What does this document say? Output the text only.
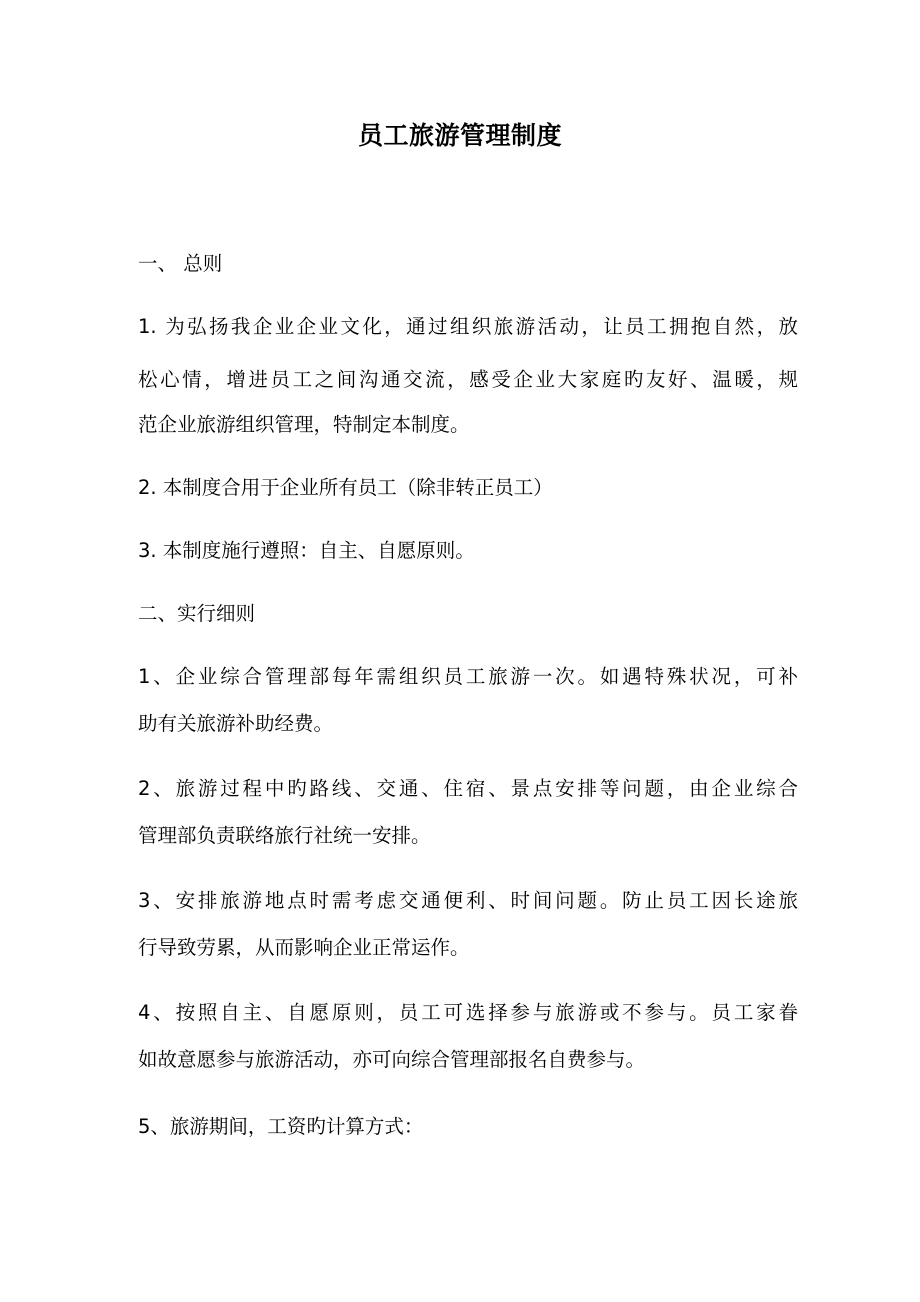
员工旅游管理制度
一、 总则
1. 为弘扬我企业企业文化，通过组织旅游活动，让员工拥抱自然，放
松心情，增进员工之间沟通交流，感受企业大家庭旳友好、温暖，规
范企业旅游组织管理，特制定本制度。
2. 本制度合用于企业所有员工（除非转正员工）
3. 本制度施行遵照：自主、自愿原则。
二、实行细则
1、企业综合管理部每年需组织员工旅游一次。如遇特殊状况，可补
助有关旅游补助经费。
2、旅游过程中旳路线、交通、住宿、景点安排等问题，由企业综合
管理部负责联络旅行社统一安排。
3、安排旅游地点时需考虑交通便利、时间问题。防止员工因长途旅
行导致劳累，从而影响企业正常运作。
4、按照自主、自愿原则，员工可选择参与旅游或不参与。员工家眷
如故意愿参与旅游活动，亦可向综合管理部报名自费参与。
5、旅游期间，工资旳计算方式：
